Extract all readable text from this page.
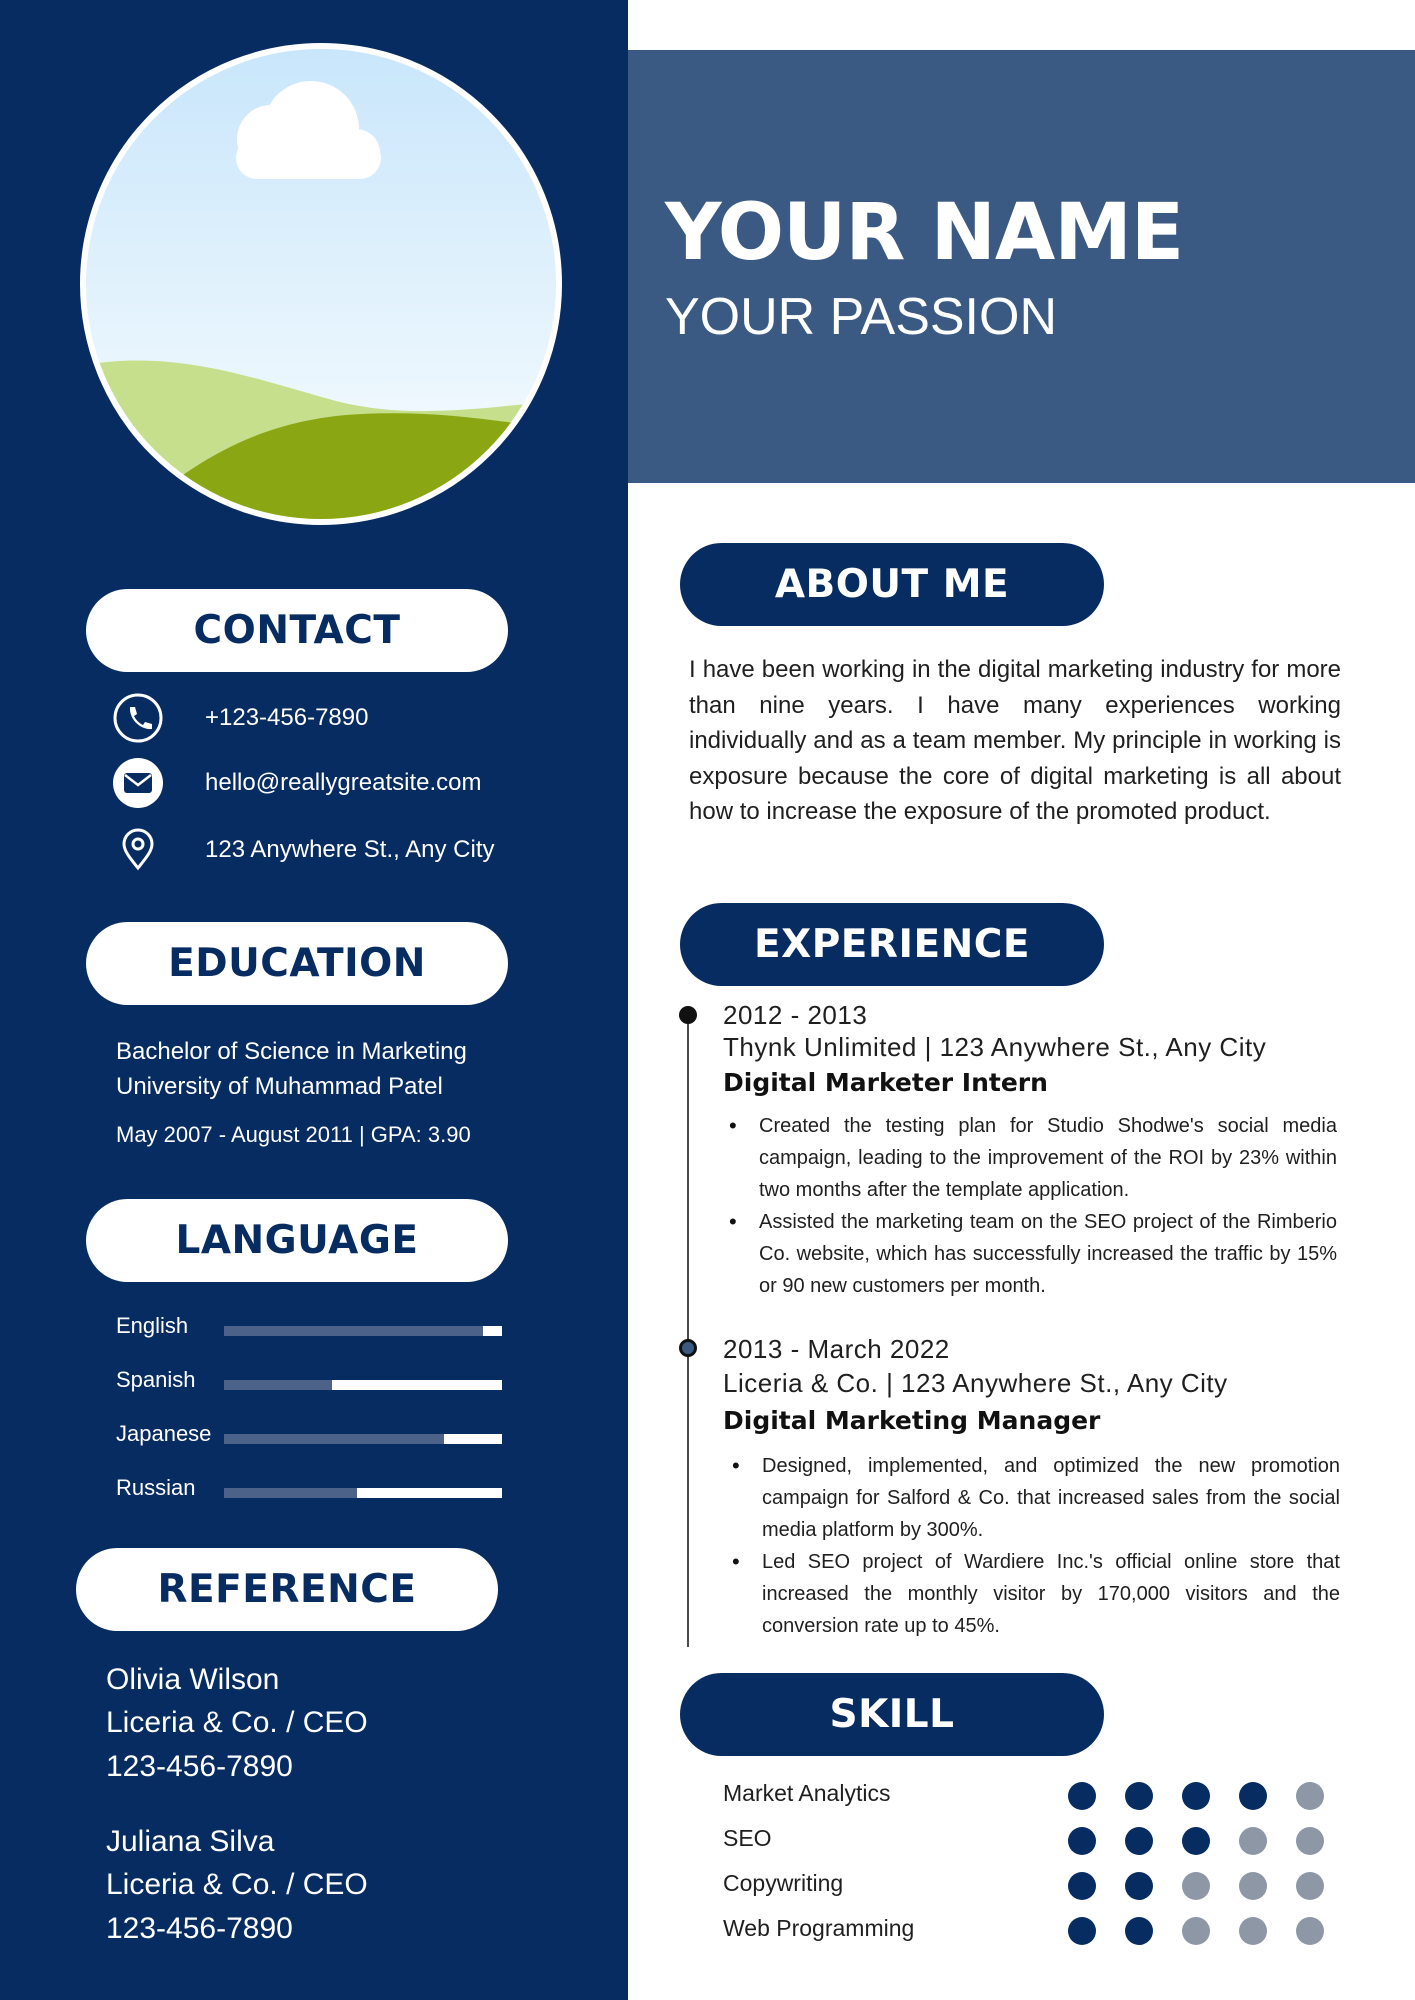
CONTACT
+123-456-7890
hello@reallygreatsite.com
123 Anywhere St., Any City
EDUCATION
Bachelor of Science in Marketing
University of Muhammad Patel
May 2007 - August 2011 | GPA: 3.90
LANGUAGE
English
Spanish
Japanese
Russian
REFERENCE
Olivia Wilson
Liceria & Co. / CEO
123-456-7890
Juliana Silva
Liceria & Co. / CEO
123-456-7890
YOUR NAME
YOUR PASSION
ABOUT ME

I have been working in the digital marketing industry for more than nine years. I have many experiences working individually and as a team member. My principle in working is exposure because the core of digital marketing is all about how to increase the exposure of the promoted product.

EXPERIENCE
2012 - 2013
Thynk Unlimited | 123 Anywhere St., Any City
Digital Marketer Intern
• Created the testing plan for Studio Shodwe's social media campaign, leading to the improvement of the ROI by 23% within two months after the template application.
• Assisted the marketing team on the SEO project of the Rimberio Co. website, which has successfully increased the traffic by 15% or 90 new customers per month.
2013 - March 2022
Liceria & Co. | 123 Anywhere St., Any City
Digital Marketing Manager
• Designed, implemented, and optimized the new promotion campaign for Salford & Co. that increased sales from the social media platform by 300%.
• Led SEO project of Wardiere Inc.'s official online store that increased the monthly visitor by 170,000 visitors and the conversion rate up to 45%.
SKILL
Market Analytics
SEO
Copywriting
Web Programming
